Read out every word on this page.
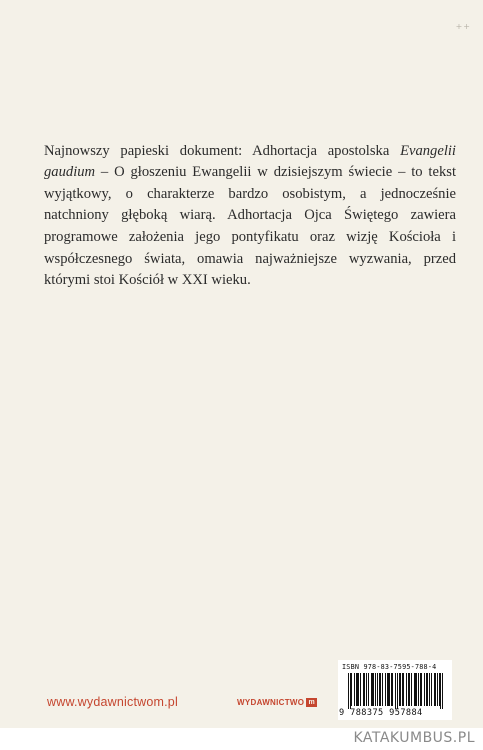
++

Najnowszy papieski dokument: Adhortacja apostolska Evangelii gaudium – O głoszeniu Ewangelii w dzisiejszym świecie – to tekst wyjątkowy, o charakterze bardzo osobistym, a jednocześnie natchniony głęboką wiarą. Adhortacja Ojca Świętego zawiera programowe założenia jego pontyfikatu oraz wizję Kościoła i współczesnego świata, omawia najważniejsze wyzwania, przed którymi stoi Kościół w XXI wieku.

www.wydawnictwom.pl	WYDAWNICTWO m
ISBN 978-83-7595-788-4
9 788375 957884
KATAKUMBUS.PL
